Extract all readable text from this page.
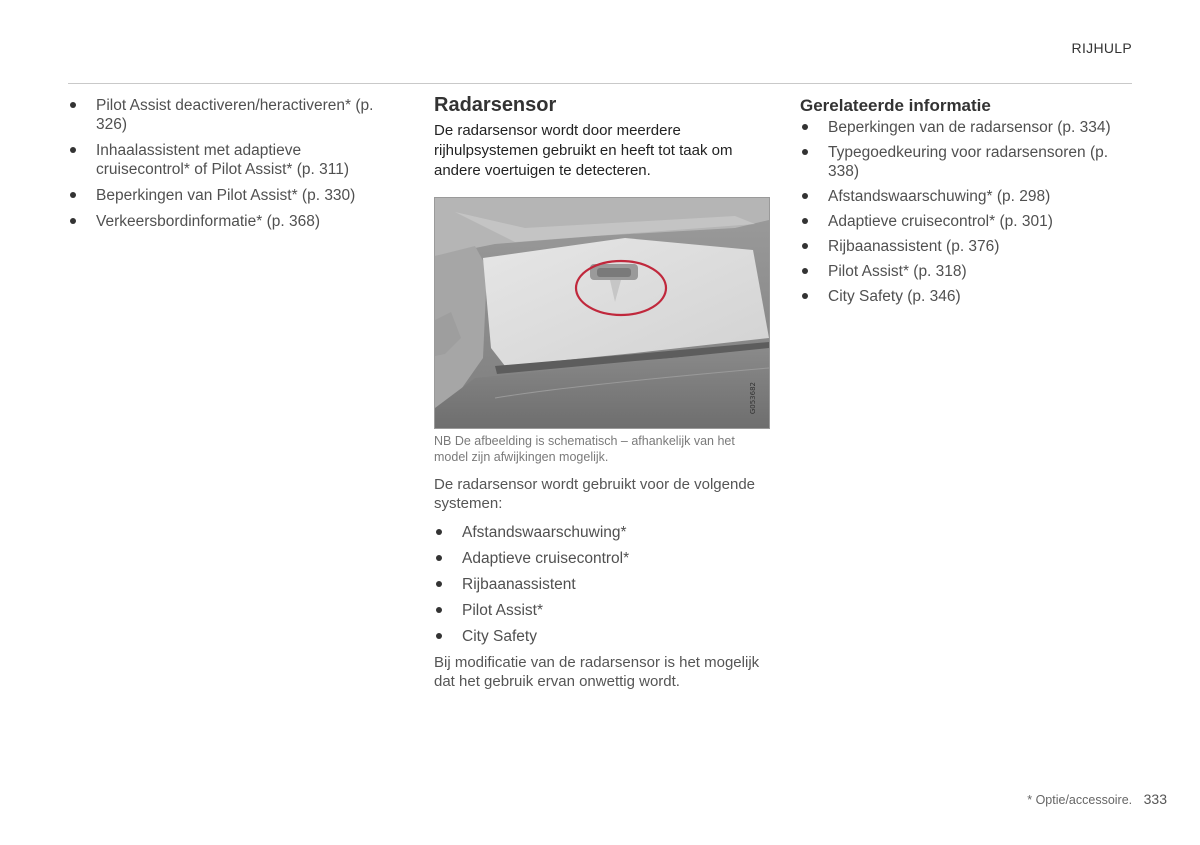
RIJHULP
Pilot Assist deactiveren/heractiveren* (p. 326)
Inhaalassistent met adaptieve cruisecontrol* of Pilot Assist* (p. 311)
Beperkingen van Pilot Assist* (p. 330)
Verkeersbordinformatie* (p. 368)
Radarsensor

De radarsensor wordt door meerdere rijhulpsystemen gebruikt en heeft tot taak om andere voertuigen te detecteren.

G053682

NB De afbeelding is schematisch – afhankelijk van het model zijn afwijkingen mogelijk.

De radarsensor wordt gebruikt voor de volgende systemen:

Afstandswaarschuwing*
Adaptieve cruisecontrol*
Rijbaanassistent
Pilot Assist*
City Safety

Bij modificatie van de radarsensor is het mogelijk dat het gebruik ervan onwettig wordt.

Gerelateerde informatie
Beperkingen van de radarsensor (p. 334)
Typegoedkeuring voor radarsensoren (p. 338)
Afstandswaarschuwing* (p. 298)
Adaptieve cruisecontrol* (p. 301)
Rijbaanassistent (p. 376)
Pilot Assist* (p. 318)
City Safety (p. 346)
* Optie/accessoire. 333
